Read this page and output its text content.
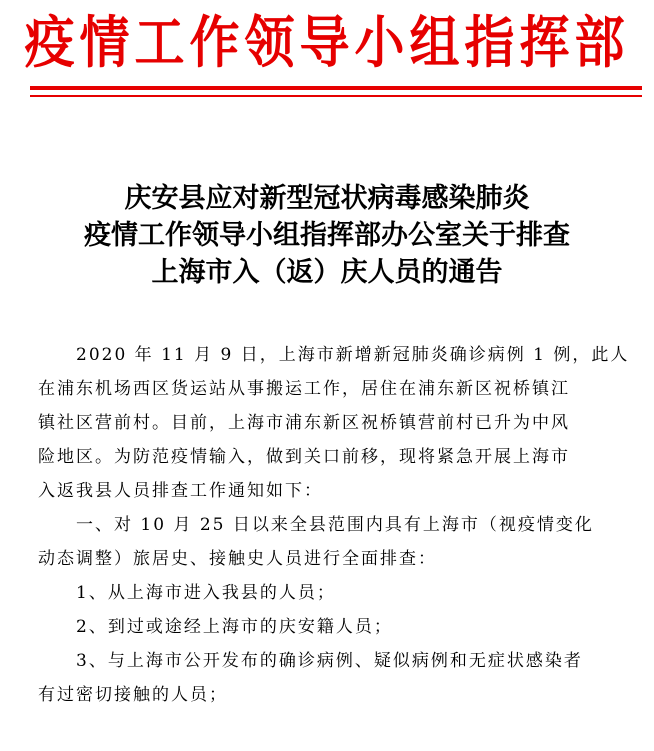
疫情工作领导小组指挥部
庆安县应对新型冠状病毒感染肺炎
疫情工作领导小组指挥部办公室关于排查
上海市入（返）庆人员的通告
2020 年 11 月 9 日，上海市新增新冠肺炎确诊病例 1 例，此人
在浦东机场西区货运站从事搬运工作，居住在浦东新区祝桥镇江
镇社区营前村。目前，上海市浦东新区祝桥镇营前村已升为中风
险地区。为防范疫情输入，做到关口前移，现将紧急开展上海市
入返我县人员排查工作通知如下：
一、对 10 月 25 日以来全县范围内具有上海市（视疫情变化
动态调整）旅居史、接触史人员进行全面排查：
1、从上海市进入我县的人员；
2、到过或途经上海市的庆安籍人员；
3、与上海市公开发布的确诊病例、疑似病例和无症状感染者
有过密切接触的人员；
